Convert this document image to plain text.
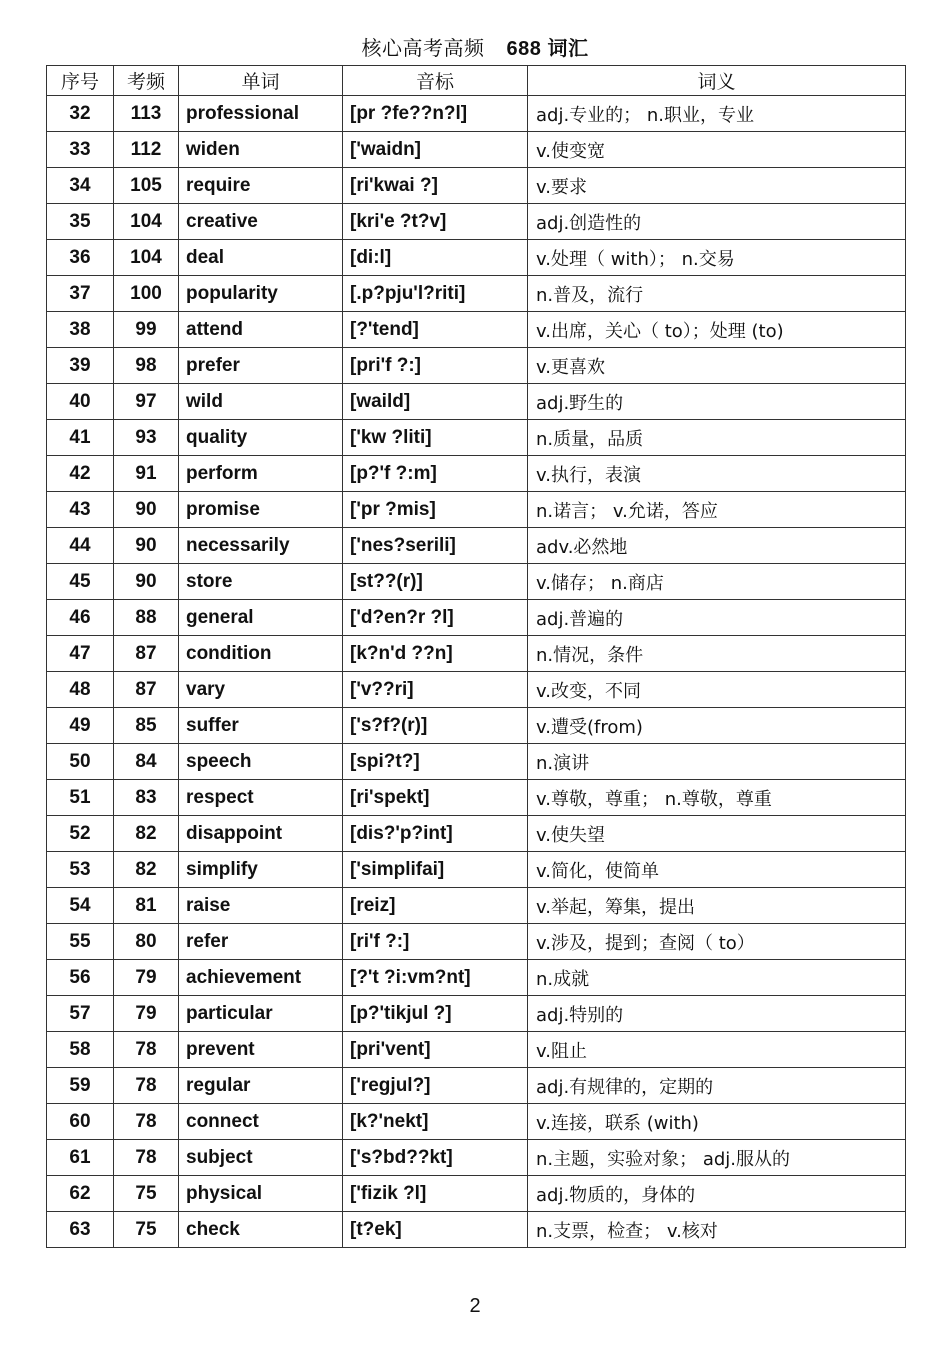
核心高考高频 688 词汇
序号	考频	单词	音标	词义
32	113	professional	[pr ?fe??n?l]	adj.专业的； n.职业，专业
33	112	widen	['waidn]	v.使变宽
34	105	require	[ri'kwai ?]	v.要求
35	104	creative	[kri'e ?t?v]	adj.创造性的
36	104	deal	[di:l]	v.处理（ with）； n.交易
37	100	popularity	[.p?pju'l?riti]	n.普及，流行
38	99	attend	[?'tend]	v.出席，关心（ to）；处理 (to)
39	98	prefer	[pri'f ?:]	v.更喜欢
40	97	wild	[waild]	adj.野生的
41	93	quality	['kw ?liti]	n.质量，品质
42	91	perform	[p?'f ?:m]	v.执行，表演
43	90	promise	['pr ?mis]	n.诺言； v.允诺，答应
44	90	necessarily	['nes?serili]	adv.必然地
45	90	store	[st??(r)]	v.储存； n.商店
46	88	general	['d?en?r ?l]	adj.普遍的
47	87	condition	[k?n'd ??n]	n.情况，条件
48	87	vary	['v??ri]	v.改变，不同
49	85	suffer	['s?f?(r)]	v.遭受(from)
50	84	speech	[spi?t?]	n.演讲
51	83	respect	[ri'spekt]	v.尊敬，尊重； n.尊敬，尊重
52	82	disappoint	[dis?'p?int]	v.使失望
53	82	simplify	['simplifai]	v.简化，使简单
54	81	raise	[reiz]	v.举起，筹集，提出
55	80	refer	[ri'f ?:]	v.涉及，提到；查阅（ to）
56	79	achievement	[?'t ?i:vm?nt]	n.成就
57	79	particular	[p?'tikjul ?]	adj.特别的
58	78	prevent	[pri'vent]	v.阻止
59	78	regular	['regjul?]	adj.有规律的，定期的
60	78	connect	[k?'nekt]	v.连接，联系 (with)
61	78	subject	['s?bd??kt]	n.主题，实验对象； adj.服从的
62	75	physical	['fizik ?l]	adj.物质的，身体的
63	75	check	[t?ek]	n.支票，检查； v.核对
2
